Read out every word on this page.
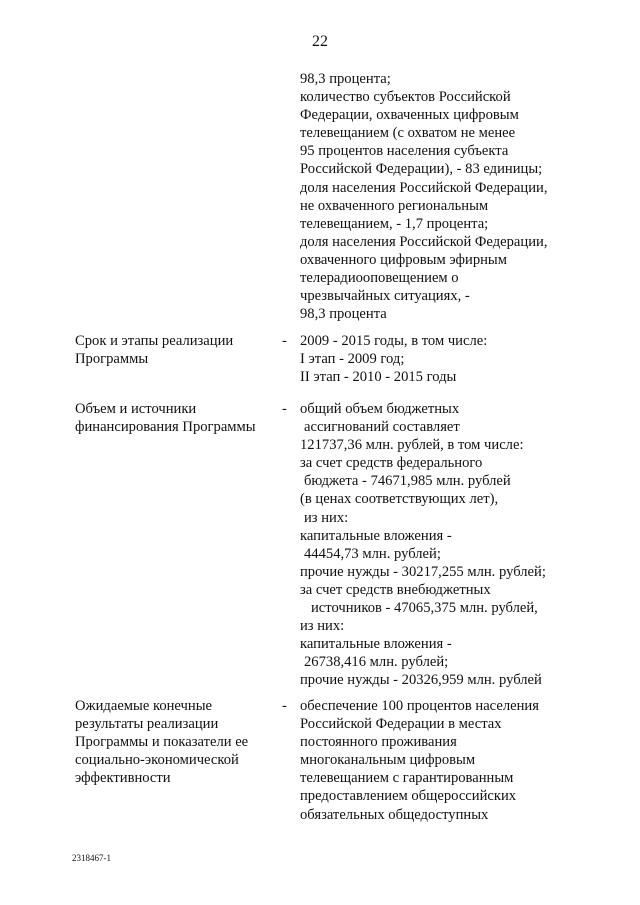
22
98,3 процента;
количество субъектов Российской
Федерации, охваченных цифровым
телевещанием (с охватом не менее
95 процентов населения субъекта
Российской Федерации), - 83 единицы;
доля населения Российской Федерации,
не охваченного региональным
телевещанием, - 1,7 процента;
доля населения Российской Федерации,
охваченного цифровым эфирным
телерадиооповещением о
чрезвычайных ситуациях, -
98,3 процента
Срок и этапы реализации
Программы
- 2009 - 2015 годы, в том числе:
I этап - 2009 год;
II этап - 2010 - 2015 годы
Объем и источники
финансирования Программы
- общий объем бюджетных
ассигнований составляет
121737,36 млн. рублей, в том числе:
за счет средств федерального
бюджета - 74671,985 млн. рублей
(в ценах соответствующих лет),
из них:
капитальные вложения -
44454,73 млн. рублей;
прочие нужды - 30217,255 млн. рублей;
за счет средств внебюджетных
источников - 47065,375 млн. рублей,
из них:
капитальные вложения -
26738,416 млн. рублей;
прочие нужды - 20326,959 млн. рублей
Ожидаемые конечные
результаты реализации
Программы и показатели ее
социально-экономической
эффективности
- обеспечение 100 процентов населения
Российской Федерации в местах
постоянного проживания
многоканальным цифровым
телевещанием с гарантированным
предоставлением общероссийских
обязательных общедоступных
2318467-1
